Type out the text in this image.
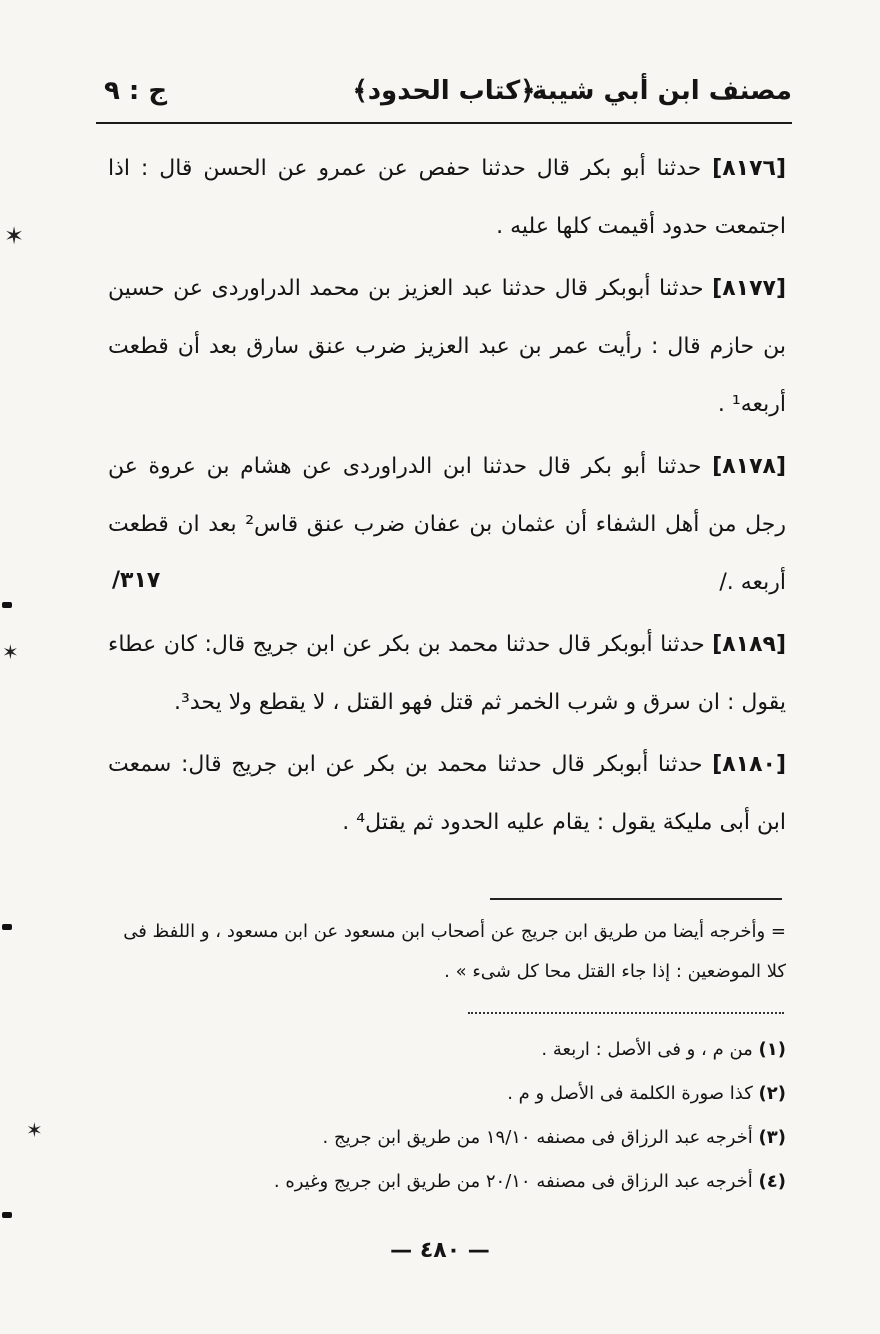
مصنف ابن أبي شيبة
﴿كتاب الحدود﴾
ج : ٩

[٨١٧٦] حدثنا أبو بكر قال حدثنا حفص عن عمرو عن الحسن قال : اذا اجتمعت حدود أقيمت كلها عليه .

[٨١٧٧] حدثنا أبوبكر قال حدثنا عبد العزيز بن محمد الدراوردى عن حسين بن حازم قال : رأيت عمر بن عبد العزيز ضرب عنق سارق بعد أن قطعت أربعه¹ .

[٨١٧٨] حدثنا أبو بكر قال حدثنا ابن الدراوردى عن هشام بن عروة عن رجل من أهل الشفاء أن عثمان بن عفان ضرب عنق قاس² بعد ان قطعت أربعه ./
٣١٧/

[٨١٨٩] حدثنا أبوبكر قال حدثنا محمد بن بكر عن ابن جريج قال: كان عطاء يقول : ان سرق و شرب الخمر ثم قتل فهو القتل ، لا يقطع ولا يحد³.

[٨١٨٠] حدثنا أبوبكر قال حدثنا محمد بن بكر عن ابن جريج قال: سمعت ابن أبى مليكة يقول : يقام عليه الحدود ثم يقتل⁴ .

= وأخرجه أيضا من طريق ابن جريج عن أصحاب ابن مسعود عن ابن مسعود ، و اللفظ فى كلا الموضعين : إذا جاء القتل محا كل شىء » .
(١) من م ، و فى الأصل : اربعة .
(٢) كذا صورة الكلمة فى الأصل و م .
(٣) أخرجه عبد الرزاق فى مصنفه ١٩/١٠ من طريق ابن جريج .
(٤) أخرجه عبد الرزاق فى مصنفه ٢٠/١٠ من طريق ابن جريج وغيره .
— ٤٨٠ —
✶
✶
✶
